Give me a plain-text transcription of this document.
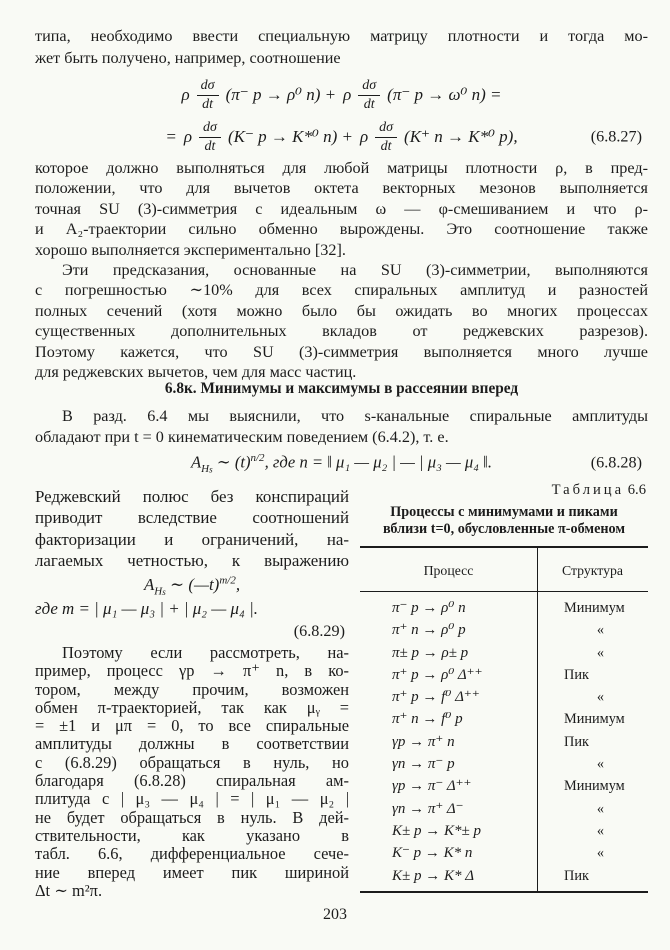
типа, необходимо ввести специальную матрицу плотности и тогда мо-
жет быть получено, например, соотношение
ρ $\frac{d\sigma}{dt} (\pi^-$ p → ρ⁰ n) + ρ $\frac{d\sigma}{dt} (\pi^-$ p → ω⁰ n) =
= ρ $\frac{d\sigma}{dt} (K^-$ p → K*⁰ n) + ρ $\frac{d\sigma}{dt} (K^+$ n → K*⁰ p),	(6.8.27)
которое должно выполняться для любой матрицы плотности ρ, в пред-
положении, что для вычетов октета векторных мезонов выполняется
точная SU (3)-симметрия с идеальным ω — φ-смешиванием и что ρ-
и A₂-траектории сильно обменно вырождены. Это соотношение также
хорошо выполняется экспериментально [32].
Эти предсказания, основанные на SU (3)-симметрии, выполняются
с погрешностью ∼10% для всех спиральных амплитуд и разностей
полных сечений (хотя можно было бы ожидать во многих процессах
существенных дополнительных вкладов от реджевских разрезов).
Поэтому кажется, что SU (3)-симметрия выполняется много лучше
для реджевских вычетов, чем для масс частиц.
6.8к. Минимумы и максимумы в рассеянии вперед
В разд. 6.4 мы выяснили, что s-канальные спиральные амплитуды
обладают при t = 0 кинематическим поведением (6.4.2), т. е.
$A_{Hs}$ ∼ $(t)^{n/2}$, где n = ‖ μ₁ — μ₂ | — | μ₃ — μ₄ ‖.	(6.8.28)
Реджевский полюс без конспираций
приводит вследствие соотношений
факторизации и ограничений, на-
лагаемых четностью, к выражению
$A_{Hs}$ ∼ (—t)$^{m/2}$,
где m = | μ₁ — μ₃ | + | μ₂ — μ₄ |.
(6.8.29)
Поэтому если рассмотреть, на-
пример, процесс γp → π⁺ n, в ко-
тором, между прочим, возможен
обмен π-траекторией, так как μᵧ =
= ±1 и μπ = 0, то все спиральные
амплитуды должны в соответствии
с (6.8.29) обращаться в нуль, но
благодаря (6.8.28) спиральная ам-
плитуда с | μ₃ — μ₄ | = | μ₁ — μ₂ |
не будет обращаться в нуль. В дей-
ствительности, как указано в
табл. 6.6, дифференциальное сече-
ние вперед имеет пик шириной
Δt ∼ m²π.
Таблица 6.6
Процессы с минимумами и пиками
вблизи t=0, обусловленные π-обменом
Процесс	Структура
π⁻ p → ρ⁰ n	Минимум
π⁺ n → ρ⁰ p	«
π± p → ρ± p	«
π⁺ p → ρ⁰ Δ⁺⁺	Пик
π⁺ p → f⁰ Δ⁺⁺	«
π⁺ n → f⁰ p	Минимум
γp → π⁺ n	Пик
γn → π⁻ p	«
γp → π⁻ Δ⁺⁺	Минимум
γn → π⁺ Δ⁻	«
K± p → K*± p	«
K⁻ p → K* n	«
K± p → K* Δ	Пик
203
